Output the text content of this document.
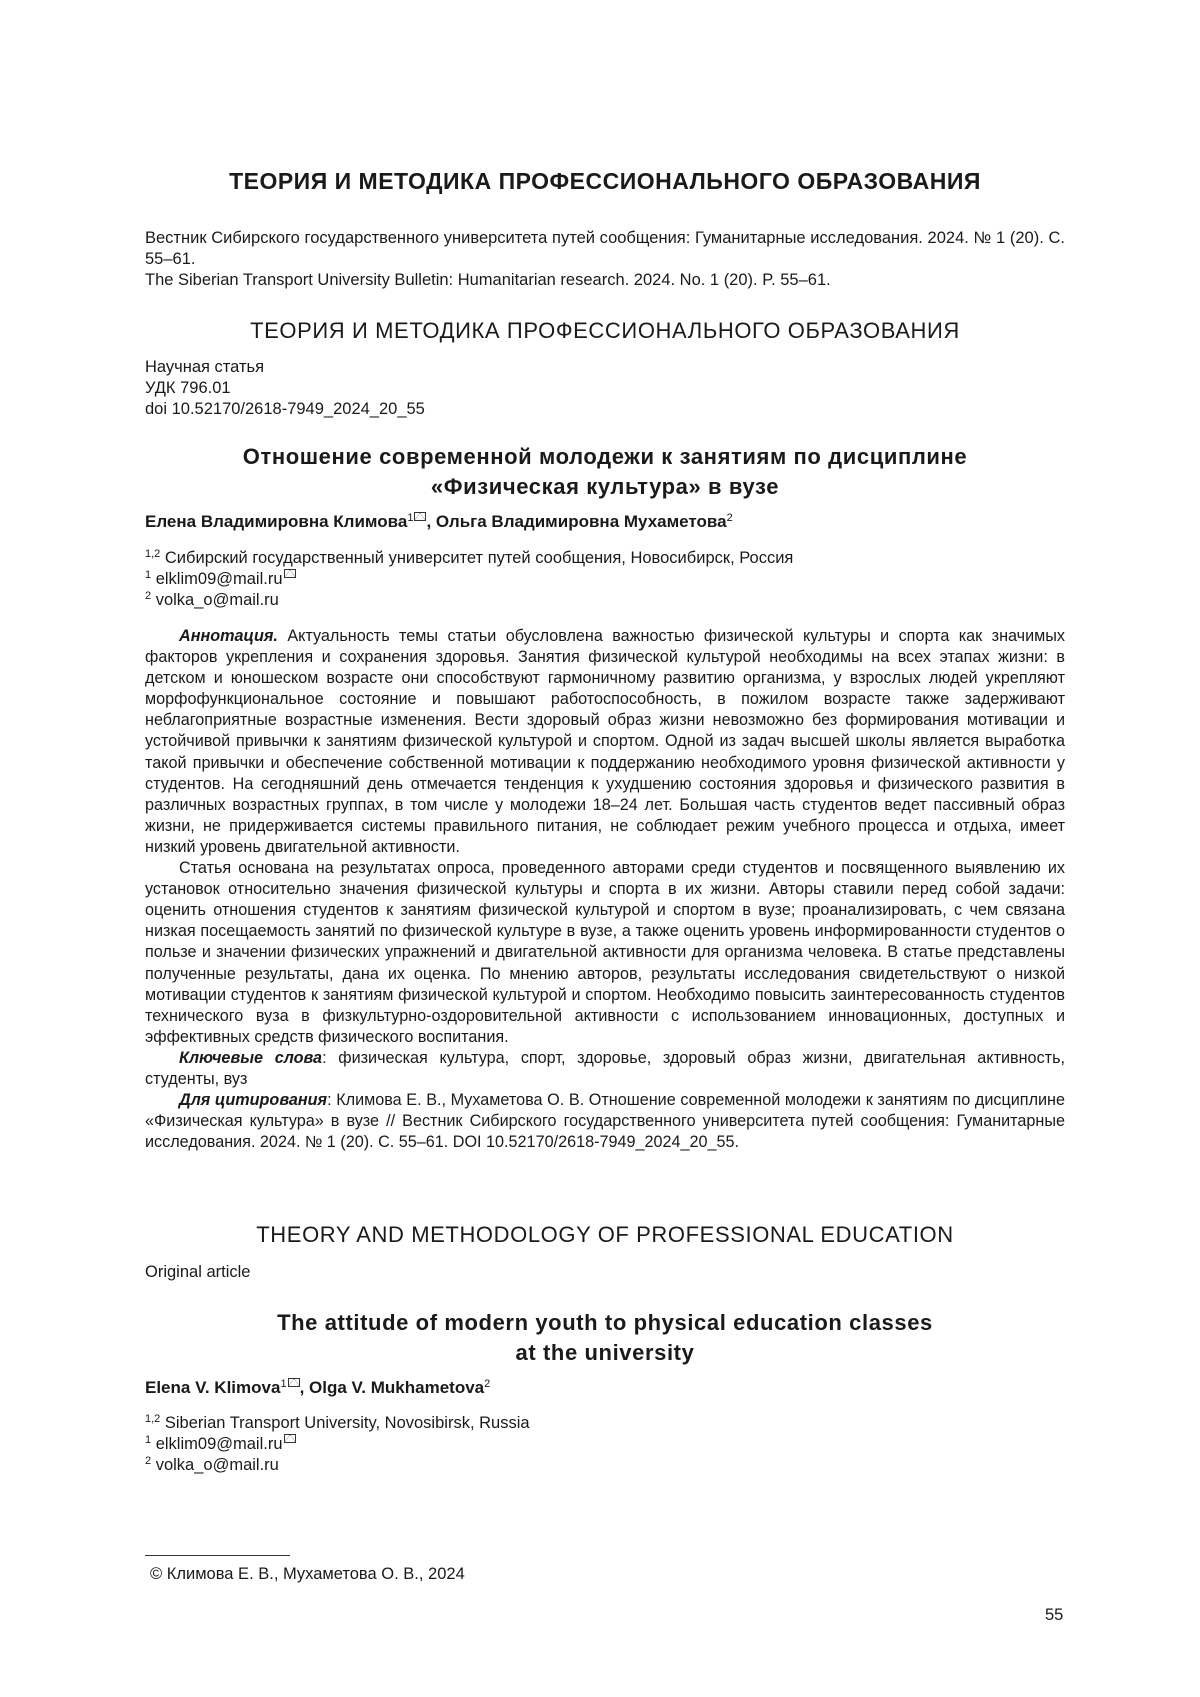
ТЕОРИЯ И МЕТОДИКА ПРОФЕССИОНАЛЬНОГО ОБРАЗОВАНИЯ
Вестник Сибирского государственного университета путей сообщения: Гуманитарные исследования. 2024. № 1 (20). С. 55–61.
The Siberian Transport University Bulletin: Humanitarian research. 2024. No. 1 (20). P. 55–61.
ТЕОРИЯ И МЕТОДИКА ПРОФЕССИОНАЛЬНОГО ОБРАЗОВАНИЯ
Научная статья
УДК 796.01
doi 10.52170/2618-7949_2024_20_55
Отношение современной молодежи к занятиям по дисциплине
«Физическая культура» в вузе
Елена Владимировна Климова1 , Ольга Владимировна Мухаметова2
1,2 Сибирский государственный университет путей сообщения, Новосибирск, Россия
1 elklim09@mail.ru
2 volka_o@mail.ru

Аннотация. Актуальность темы статьи обусловлена важностью физической культуры и спорта как значимых факторов укрепления и сохранения здоровья. Занятия физической культурой необходимы на всех этапах жизни: в детском и юношеском возрасте они способствуют гармоничному развитию организма, у взрослых людей укрепляют морфофункциональное состояние и повышают работоспособность, в пожилом возрасте также задерживают неблагоприятные возрастные изменения. Вести здоровый образ жизни невозможно без формирования мотивации и устойчивой привычки к занятиям физической культурой и спортом. Одной из задач высшей школы является выработка такой привычки и обеспечение собственной мотивации к поддержанию необходимого уровня физической активности у студентов. На сегодняшний день отмечается тенденция к ухудшению состояния здоровья и физического развития в различных возрастных группах, в том числе у молодежи 18–24 лет. Большая часть студентов ведет пассивный образ жизни, не придерживается системы правильного питания, не соблюдает режим учебного процесса и отдыха, имеет низкий уровень двигательной активности.

Статья основана на результатах опроса, проведенного авторами среди студентов и посвященного выявлению их установок относительно значения физической культуры и спорта в их жизни. Авторы ставили перед собой задачи: оценить отношения студентов к занятиям физической культурой и спортом в вузе; проанализировать, с чем связана низкая посещаемость занятий по физической культуре в вузе, а также оценить уровень информированности студентов о пользе и значении физических упражнений и двигательной активности для организма человека. В статье представлены полученные результаты, дана их оценка. По мнению авторов, результаты исследования свидетельствуют о низкой мотивации студентов к занятиям физической культурой и спортом. Необходимо повысить заинтересованность студентов технического вуза в физкультурно-оздоровительной активности с использованием инновационных, доступных и эффективных средств физического воспитания.

Ключевые слова: физическая культура, спорт, здоровье, здоровый образ жизни, двигательная активность, студенты, вуз

Для цитирования: Климова Е. В., Мухаметова О. В. Отношение современной молодежи к занятиям по дисциплине «Физическая культура» в вузе // Вестник Сибирского государственного университета путей сообщения: Гуманитарные исследования. 2024. № 1 (20). С. 55–61. DOI 10.52170/2618-7949_2024_20_55.

THEORY AND METHODOLOGY OF PROFESSIONAL EDUCATION
Original article
The attitude of modern youth to physical education classes
at the university
Elena V. Klimova1 , Olga V. Mukhametova2
1,2 Siberian Transport University, Novosibirsk, Russia
1 elklim09@mail.ru
2 volka_o@mail.ru
© Климова Е. В., Мухаметова О. В., 2024
55
